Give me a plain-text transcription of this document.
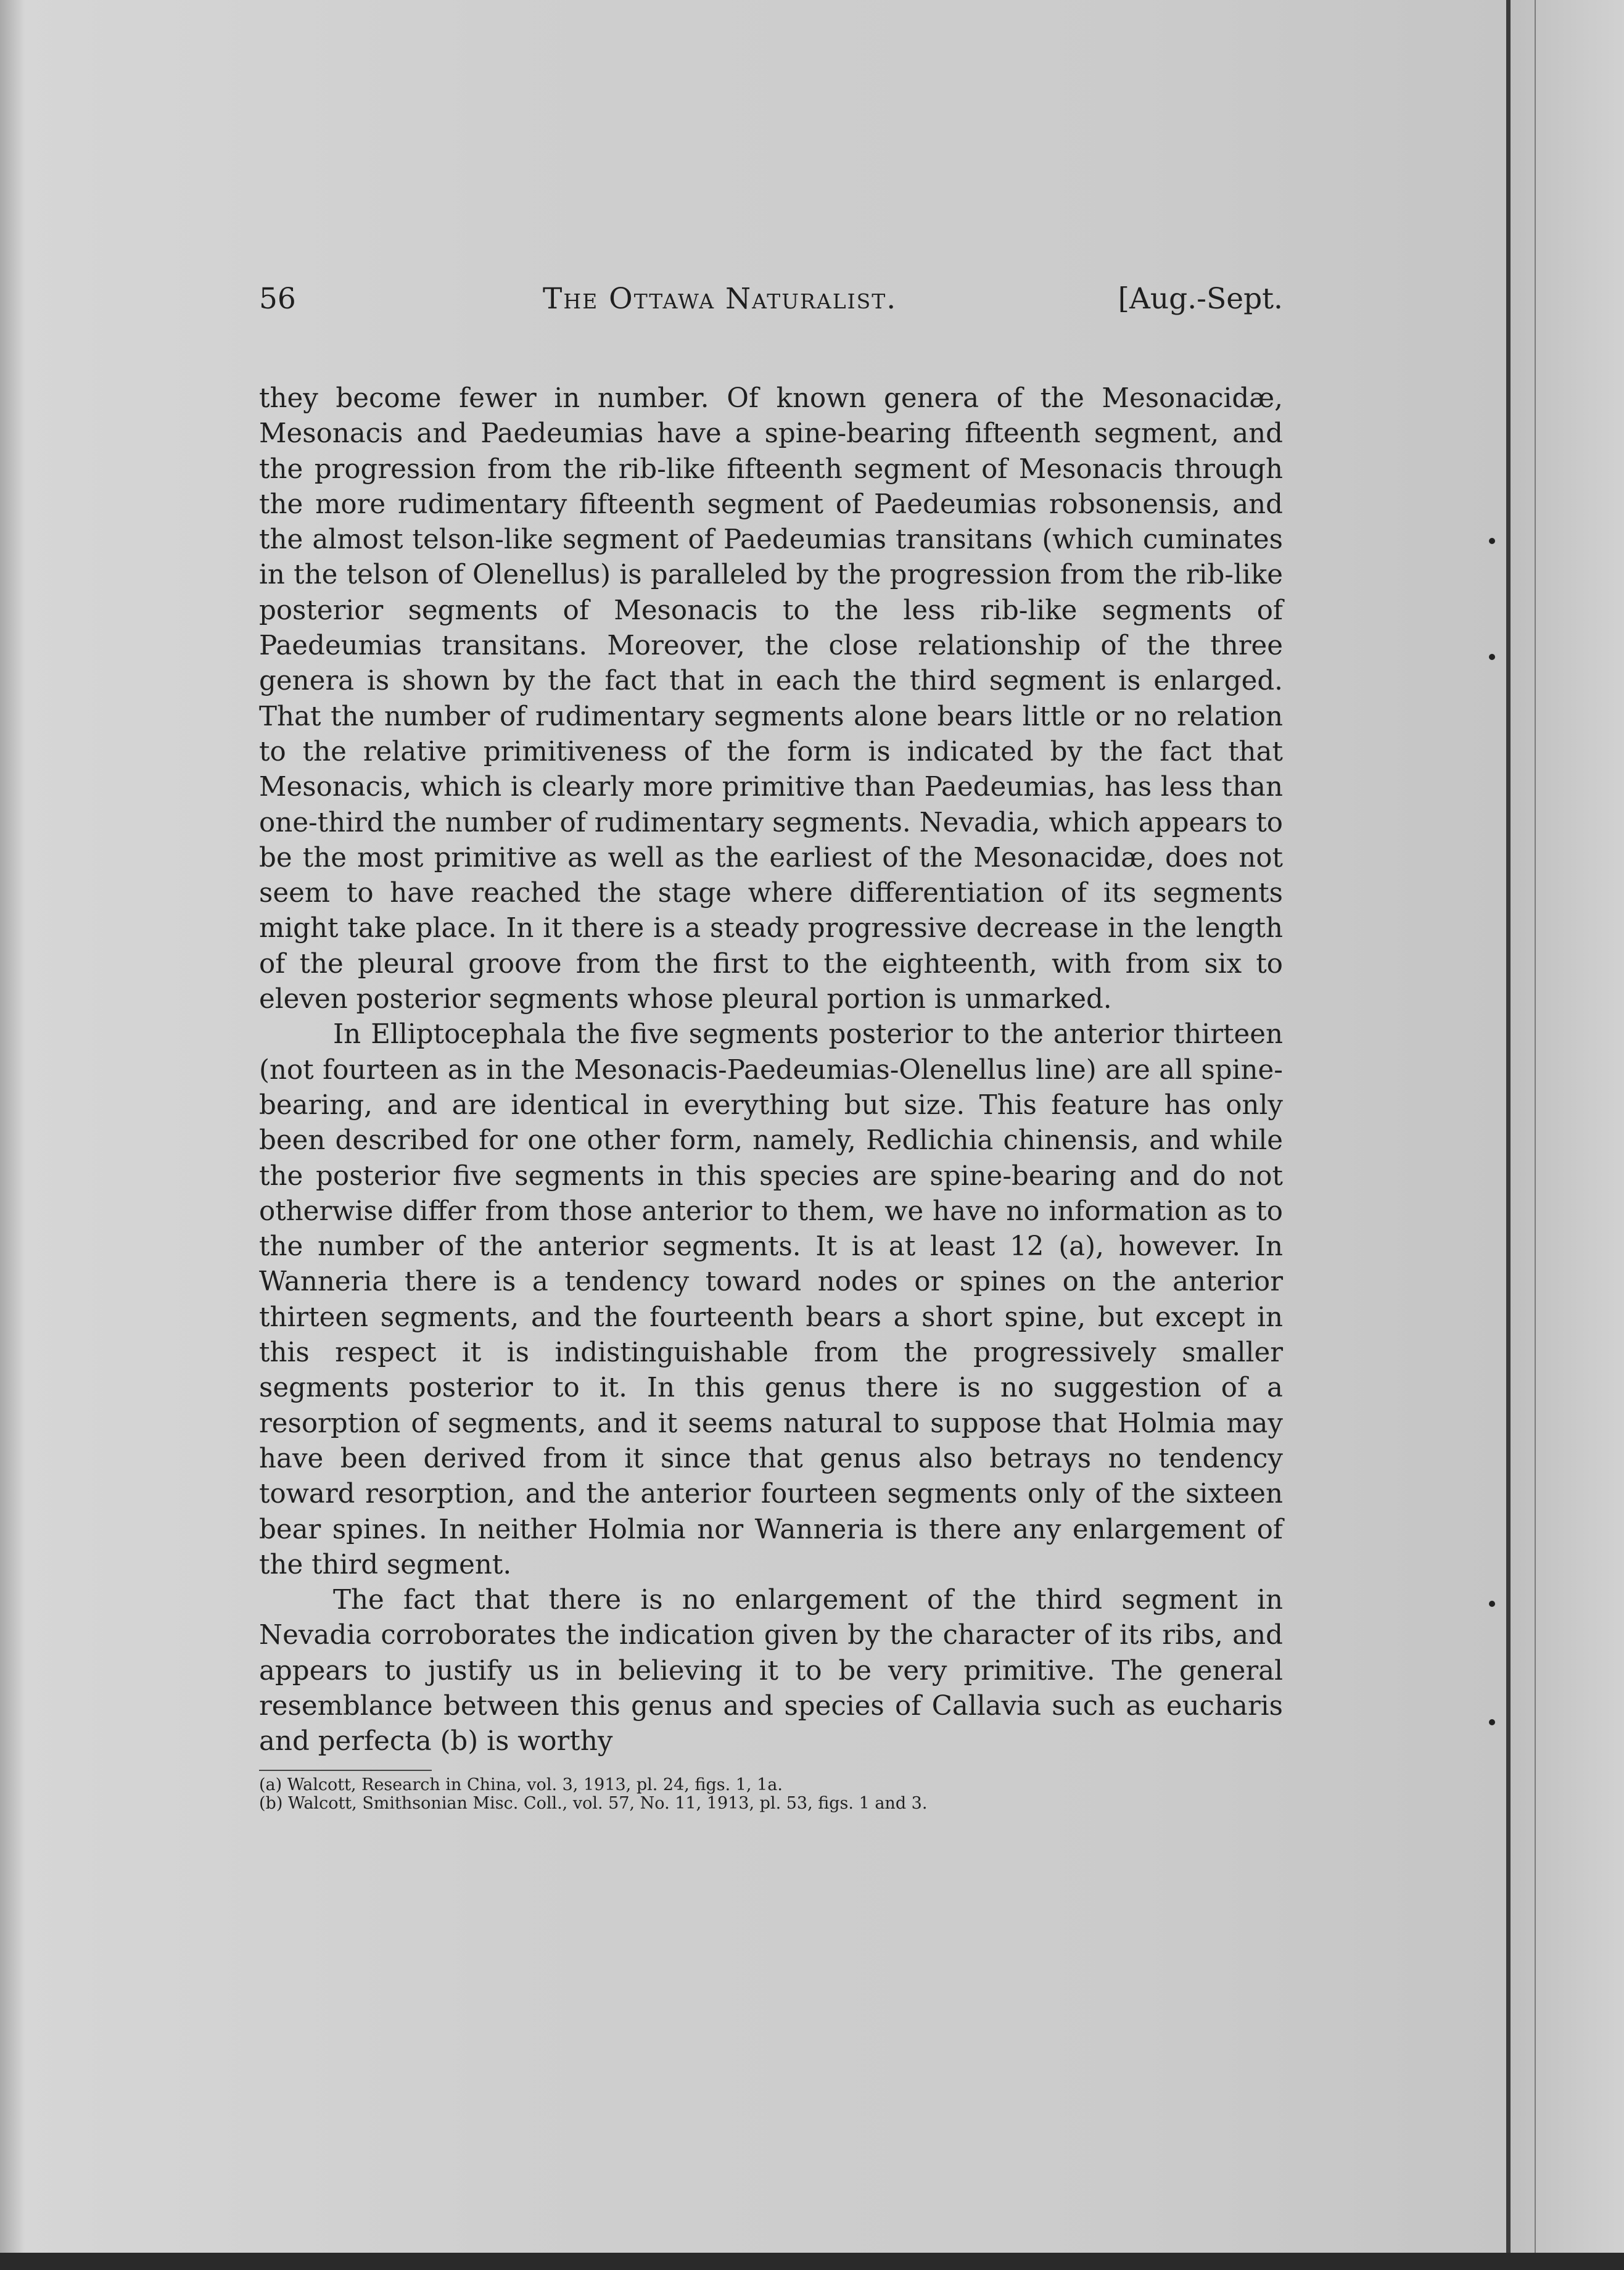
56	The Ottawa Naturalist.	[Aug.-Sept.

they become fewer in number. Of known genera of the Mesonacidæ, Mesonacis and Paedeumias have a spine-bearing fifteenth segment, and the progression from the rib-like fifteenth segment of Mesonacis through the more rudimentary fifteenth segment of Paedeumias robsonensis, and the almost telson-like segment of Paedeumias transitans (which cuminates in the telson of Olenellus) is paralleled by the progression from the rib-like posterior segments of Mesonacis to the less rib-like segments of Paedeumias transitans. Moreover, the close relationship of the three genera is shown by the fact that in each the third segment is enlarged. That the number of rudimentary segments alone bears little or no relation to the relative primitiveness of the form is indicated by the fact that Mesonacis, which is clearly more primitive than Paedeumias, has less than one-third the number of rudimentary segments. Nevadia, which appears to be the most primitive as well as the earliest of the Mesonacidæ, does not seem to have reached the stage where differentiation of its segments might take place. In it there is a steady progressive decrease in the length of the pleural groove from the first to the eighteenth, with from six to eleven posterior segments whose pleural portion is unmarked.

In Elliptocephala the five segments posterior to the anterior thirteen (not fourteen as in the Mesonacis-Paedeumias-Olenellus line) are all spine-bearing, and are identical in everything but size. This feature has only been described for one other form, namely, Redlichia chinensis, and while the posterior five segments in this species are spine-bearing and do not otherwise differ from those anterior to them, we have no information as to the number of the anterior segments. It is at least 12 (a), however. In Wanneria there is a tendency toward nodes or spines on the anterior thirteen segments, and the fourteenth bears a short spine, but except in this respect it is indistinguishable from the progressively smaller segments posterior to it. In this genus there is no suggestion of a resorption of segments, and it seems natural to suppose that Holmia may have been derived from it since that genus also betrays no tendency toward resorption, and the anterior fourteen segments only of the sixteen bear spines. In neither Holmia nor Wanneria is there any enlargement of the third segment.

The fact that there is no enlargement of the third segment in Nevadia corroborates the indication given by the character of its ribs, and appears to justify us in believing it to be very primitive. The general resemblance between this genus and species of Callavia such as eucharis and perfecta (b) is worthy

(a) Walcott, Research in China, vol. 3, 1913, pl. 24, figs. 1, 1a.
(b) Walcott, Smithsonian Misc. Coll., vol. 57, No. 11, 1913, pl. 53, figs. 1 and 3.
